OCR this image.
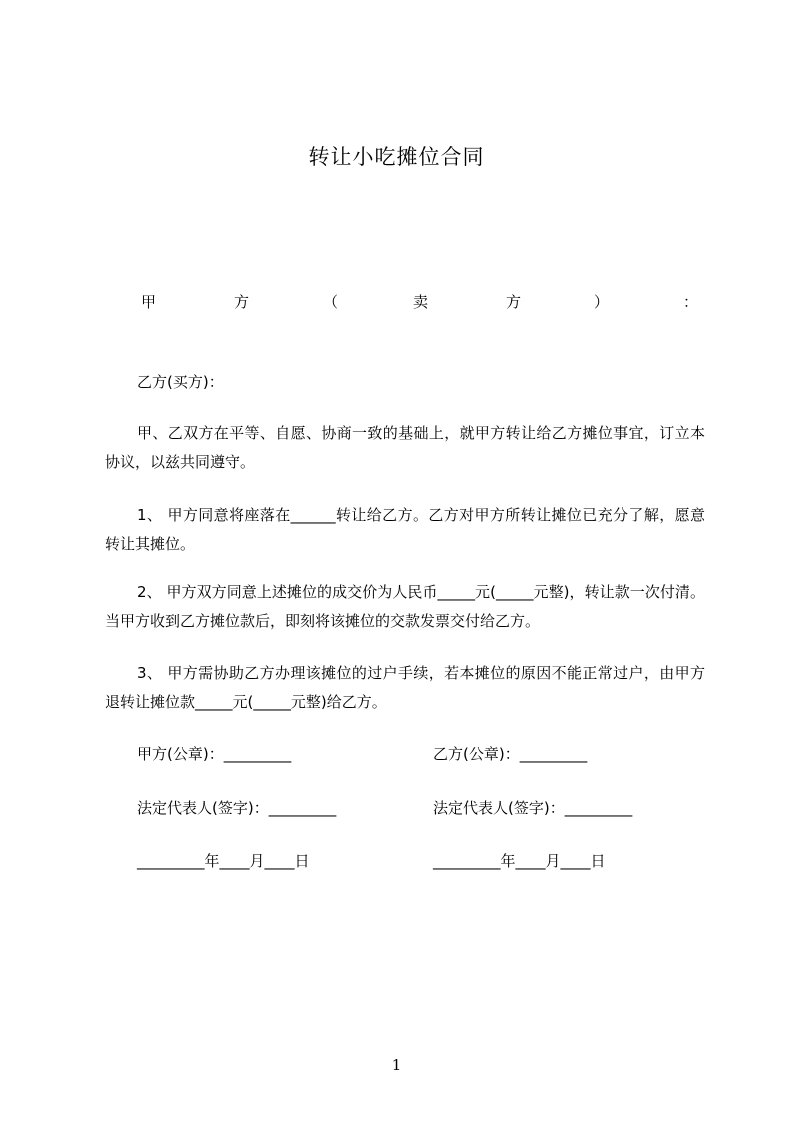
转让小吃摊位合同
甲	方	（	卖	方	）	：
乙方(买方)：
甲、乙双方在平等、自愿、协商一致的基础上，就甲方转让给乙方摊位事宜，订立本协议，以兹共同遵守。
1、 甲方同意将座落在______转让给乙方。乙方对甲方所转让摊位已充分了解，愿意转让其摊位。
2、 甲方双方同意上述摊位的成交价为人民币_____元(_____元整)，转让款一次付清。当甲方收到乙方摊位款后，即刻将该摊位的交款发票交付给乙方。
3、 甲方需协助乙方办理该摊位的过户手续，若本摊位的原因不能正常过户，由甲方退转让摊位款_____元(_____元整)给乙方。
甲方(公章)：_________	乙方(公章)：_________
法定代表人(签字)：_________	法定代表人(签字)：_________
_________年____月____日	_________年____月____日
1
